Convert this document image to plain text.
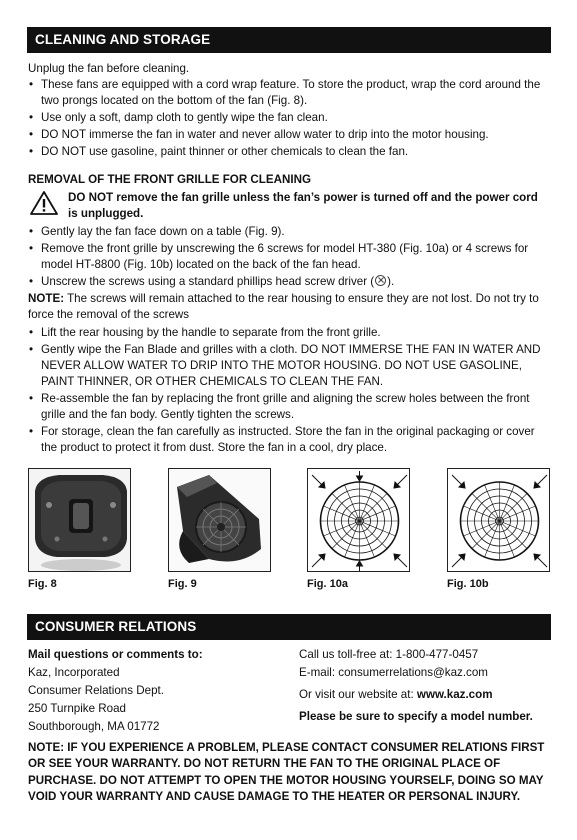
CLEANING AND STORAGE
Unplug the fan before cleaning.
• These fans are equipped with a cord wrap feature. To store the product, wrap the cord around the two prongs located on the bottom of the fan (Fig. 8).
• Use only a soft, damp cloth to gently wipe the fan clean.
• DO NOT immerse the fan in water and never allow water to drip into the motor housing.
• DO NOT use gasoline, paint thinner or other chemicals to clean the fan.
REMOVAL OF THE FRONT GRILLE FOR CLEANING
DO NOT remove the fan grille unless the fan’s power is turned off and the power cord is unplugged.
• Gently lay the fan face down on a table (Fig. 9).
• Remove the front grille by unscrewing the 6 screws for model HT-380 (Fig. 10a) or 4 screws for model HT-8800 (Fig. 10b) located on the back of the fan head.
• Unscrew the screws using a standard phillips head screw driver ( ).
NOTE: The screws will remain attached to the rear housing to ensure they are not lost. Do not try to force the removal of the screws
• Lift the rear housing by the handle to separate from the front grille.
• Gently wipe the Fan Blade and grilles with a cloth. DO NOT IMMERSE THE FAN IN WATER AND NEVER ALLOW WATER TO DRIP INTO THE MOTOR HOUSING. DO NOT USE GASOLINE, PAINT THINNER, OR OTHER CHEMICALS TO CLEAN THE FAN.
• Re-assemble the fan by replacing the front grille and aligning the screw holes between the front grille and the fan body. Gently tighten the screws.
• For storage, clean the fan carefully as instructed. Store the fan in the original packaging or cover the product to protect it from dust. Store the fan in a cool, dry place.
Fig. 8	Fig. 9	Fig. 10a	Fig. 10b
CONSUMER RELATIONS
Mail questions or comments to:
Kaz, Incorporated
Consumer Relations Dept.
250 Turnpike Road
Southborough, MA 01772
Call us toll-free at: 1-800-477-0457
E-mail: consumerrelations@kaz.com
Or visit our website at: www.kaz.com
Please be sure to specify a model number.
NOTE: IF YOU EXPERIENCE A PROBLEM, PLEASE CONTACT CONSUMER RELATIONS FIRST OR SEE YOUR WARRANTY. DO NOT RETURN THE FAN TO THE ORIGINAL PLACE OF PURCHASE. DO NOT ATTEMPT TO OPEN THE MOTOR HOUSING YOURSELF, DOING SO MAY VOID YOUR WARRANTY AND CAUSE DAMAGE TO THE HEATER OR PERSONAL INJURY.
